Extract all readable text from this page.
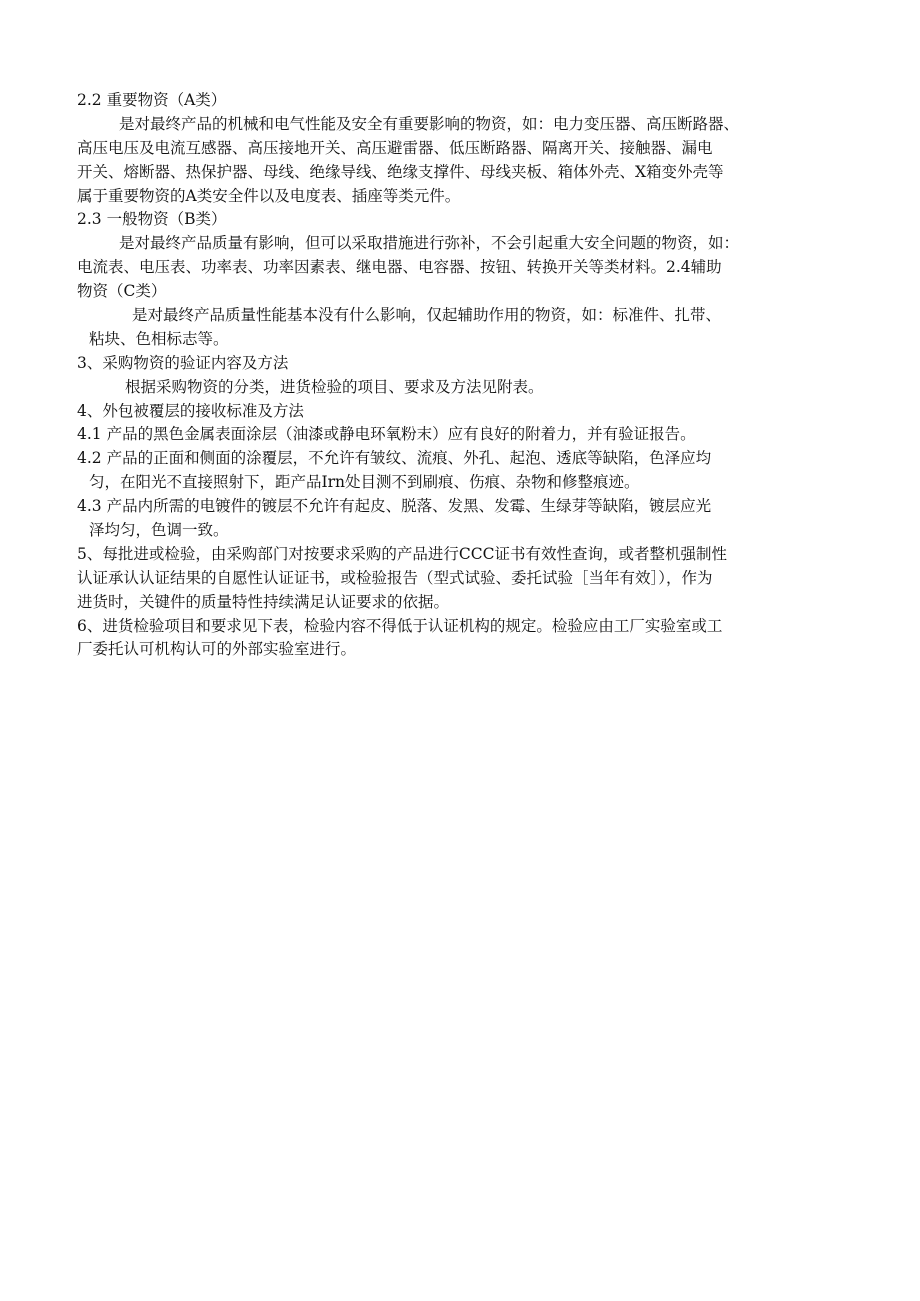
2.2 重要物资（A类）
是对最终产品的机械和电气性能及安全有重要影响的物资，如：电力变压器、高压断路器、
高压电压及电流互感器、高压接地开关、高压避雷器、低压断路器、隔离开关、接触器、漏电
开关、熔断器、热保护器、母线、绝缘导线、绝缘支撑件、母线夹板、箱体外壳、X箱变外壳等
属于重要物资的A类安全件以及电度表、插座等类元件。
2.3 一般物资（B类）
是对最终产品质量有影响，但可以采取措施进行弥补，不会引起重大安全问题的物资，如：
电流表、电压表、功率表、功率因素表、继电器、电容器、按钮、转换开关等类材料。2.4辅助
物资（C类）
是对最终产品质量性能基本没有什么影响，仅起辅助作用的物资，如：标准件、扎带、
粘块、色相标志等。
3、采购物资的验证内容及方法
根据采购物资的分类，进货检验的项目、要求及方法见附表。
4、外包被覆层的接收标准及方法
4.1 产品的黑色金属表面涂层（油漆或静电环氧粉末）应有良好的附着力，并有验证报告。
4.2 产品的正面和侧面的涂覆层，不允许有皱纹、流痕、外孔、起泡、透底等缺陷，色泽应均
匀，在阳光不直接照射下，距产品Irn处目测不到刷痕、伤痕、杂物和修整痕迹。
4.3 产品内所需的电镀件的镀层不允许有起皮、脱落、发黑、发霉、生绿芽等缺陷，镀层应光
泽均匀，色调一致。
5、每批进或检验，由采购部门对按要求采购的产品进行CCC证书有效性查询，或者整机强制性
认证承认认证结果的自愿性认证证书，或检验报告（型式试验、委托试验［当年有效］），作为
进货时，关键件的质量特性持续满足认证要求的依据。
6、进货检验项目和要求见下表，检验内容不得低于认证机构的规定。检验应由工厂实验室或工
厂委托认可机构认可的外部实验室进行。
